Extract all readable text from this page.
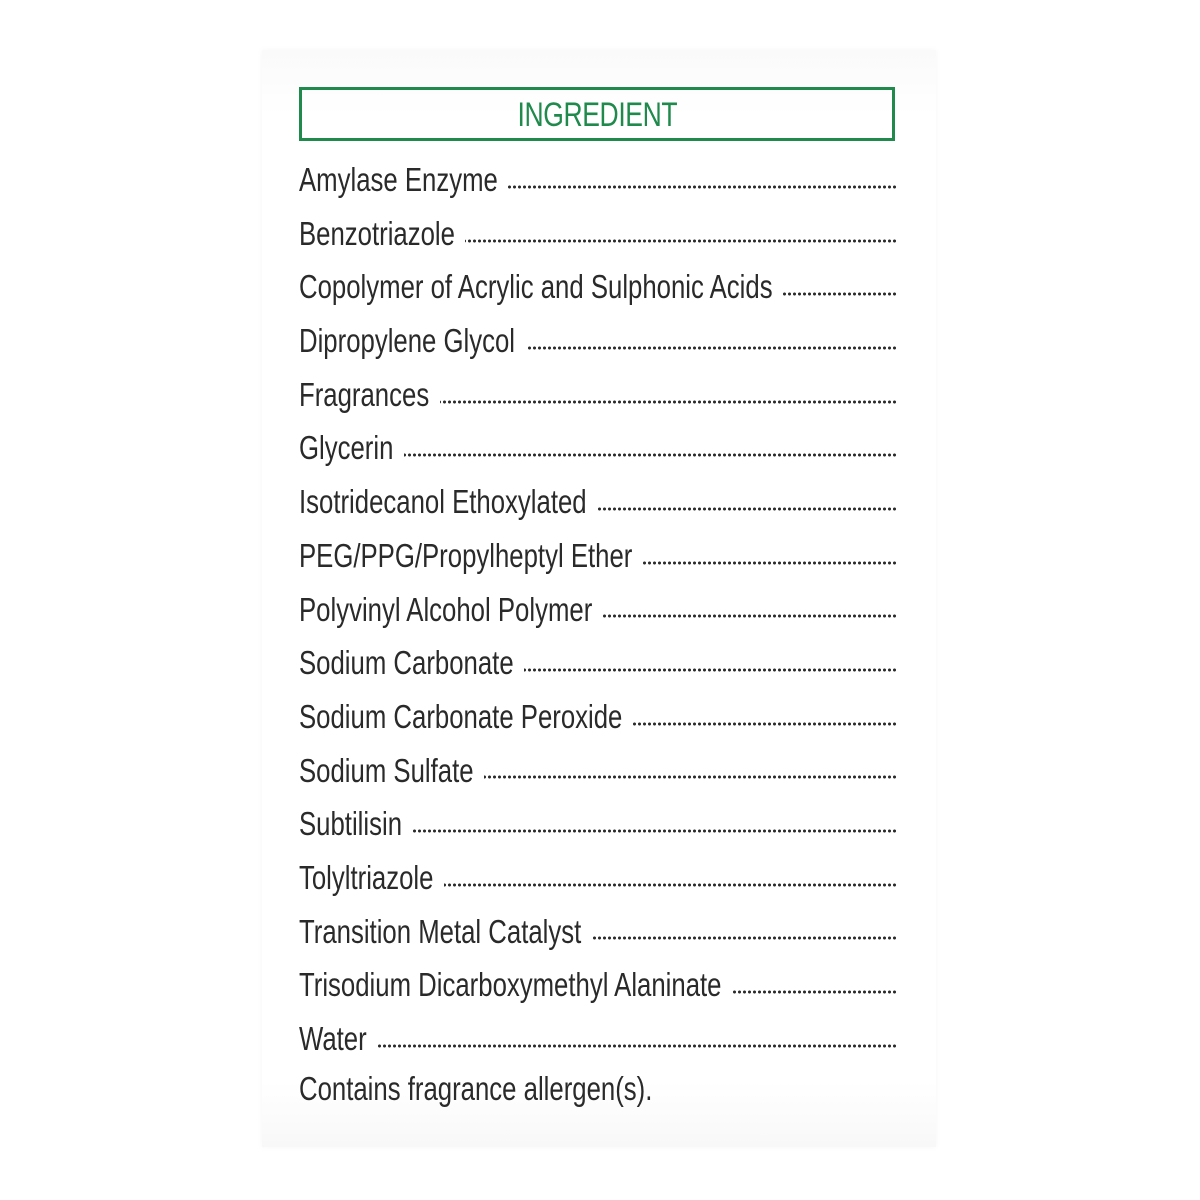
INGREDIENT
Amylase Enzyme
Benzotriazole
Copolymer of Acrylic and Sulphonic Acids
Dipropylene Glycol
Fragrances
Glycerin
Isotridecanol Ethoxylated
PEG/PPG/Propylheptyl Ether
Polyvinyl Alcohol Polymer
Sodium Carbonate
Sodium Carbonate Peroxide
Sodium Sulfate
Subtilisin
Tolyltriazole
Transition Metal Catalyst
Trisodium Dicarboxymethyl Alaninate
Water
Contains fragrance allergen(s).
